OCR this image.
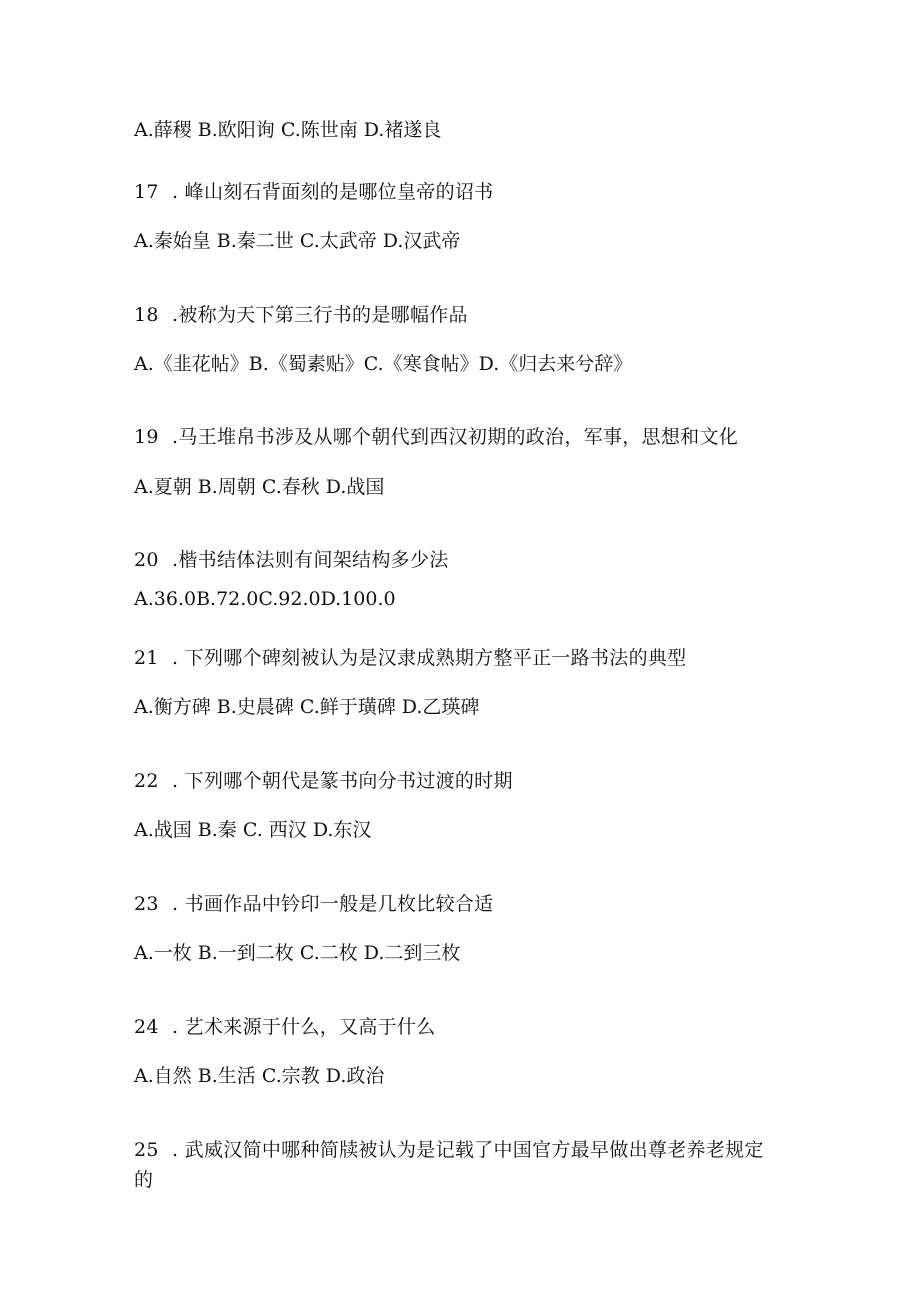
A.薛稷 B.欧阳询 C.陈世南 D.褚遂良
17 . 峰山刻石背面刻的是哪位皇帝的诏书
A.秦始皇 B.秦二世 C.太武帝 D.汉武帝
18 .被称为天下第三行书的是哪幅作品
A.《韭花帖》B.《蜀素贴》C.《寒食帖》D.《归去来兮辞》
19 .马王堆帛书涉及从哪个朝代到西汉初期的政治，军事，思想和文化
A.夏朝 B.周朝 C.春秋 D.战国
20 .楷书结体法则有间架结构多少法
A.36.0B.72.0C.92.0D.100.0
21 . 下列哪个碑刻被认为是汉隶成熟期方整平正一路书法的典型
A.衡方碑 B.史晨碑 C.鲜于璜碑 D.乙瑛碑
22 . 下列哪个朝代是篆书向分书过渡的时期
A.战国 B.秦 C. 西汉 D.东汉
23 . 书画作品中钤印一般是几枚比较合适
A.一枚 B.一到二枚 C.二枚 D.二到三枚
24 . 艺术来源于什么，又高于什么
A.自然 B.生活 C.宗教 D.政治
25 . 武威汉简中哪种简牍被认为是记载了中国官方最早做出尊老养老规定的
